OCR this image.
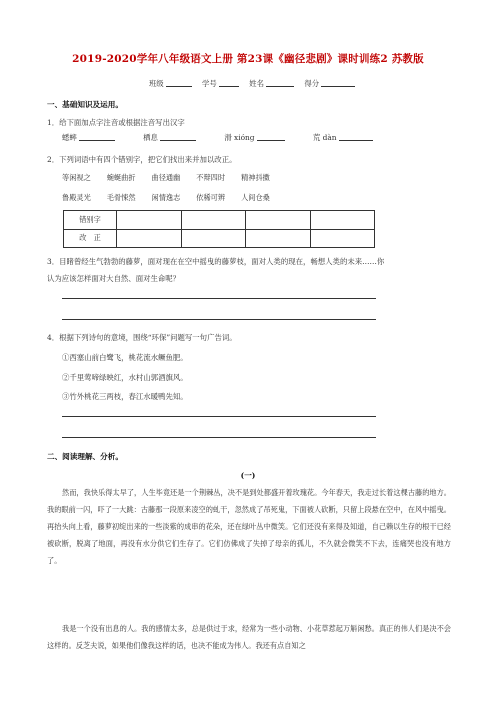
2019-2020学年八年级语文上册 第23课《幽径悲剧》课时训练2 苏教版
班级	学号	姓名	得分
一、基础知识及运用。
1．给下面加点字注音或根据注音写出汉字
蟋蟀	栖息	滑 xiónɡ	荒 dàn
2．下列词语中有四个错别字，把它们找出来并加以改正。
等闲视之 蜿蜒曲折 曲径通幽 不辩四时 精神抖擞
鲁殿灵光 毛骨悚然 闲情逸志 依稀可辨 人间仓桑
错别字				
改　正				
3．目睹曾经生气勃勃的藤萝，面对现在在空中摇曳的藤萝枝，面对人类的现在，畅想人类的未来……你
认为应该怎样面对大自然、面对生命呢？
4．根据下列诗句的意境，围绕“环保”问题写一句广告词。
①西塞山前白鹭飞，桃花流水鳜鱼肥。
②千里莺啼绿映红，水村山郭酒旗风。
③竹外桃花三两枝，春江水暖鸭先知。
二、阅读理解、分析。
(一)
然而，我快乐得太早了，人生毕竟还是一个荆棘丛，决不是到处都盛开着玫瑰花。今年春天，我走过长着这棵古藤的地方。我的眼前一闪，吓了一大跳：古藤那一段原来凌空的虬干，忽然成了吊死鬼，下面被人砍断，只留上段悬在空中，在风中摇曳。再抬头向上看，藤萝初绽出来的一些淡紫的成串的花朵，还在绿叶丛中微笑。它们还没有来得及知道，自己赖以生存的根干已经被砍断，脱离了地面，再没有水分供它们生存了。它们仿佛成了失掉了母亲的孤儿，不久就会微笑不下去，连痛哭也没有地方了。
我是一个没有出息的人。我的感情太多，总是供过于求，经常为一些小动物、小花草惹起万斛闲愁。真正的伟人们是决不会这样的。反芝夫说，如果他们像我这样的话，也决不能成为伟人。我还有点自知之
